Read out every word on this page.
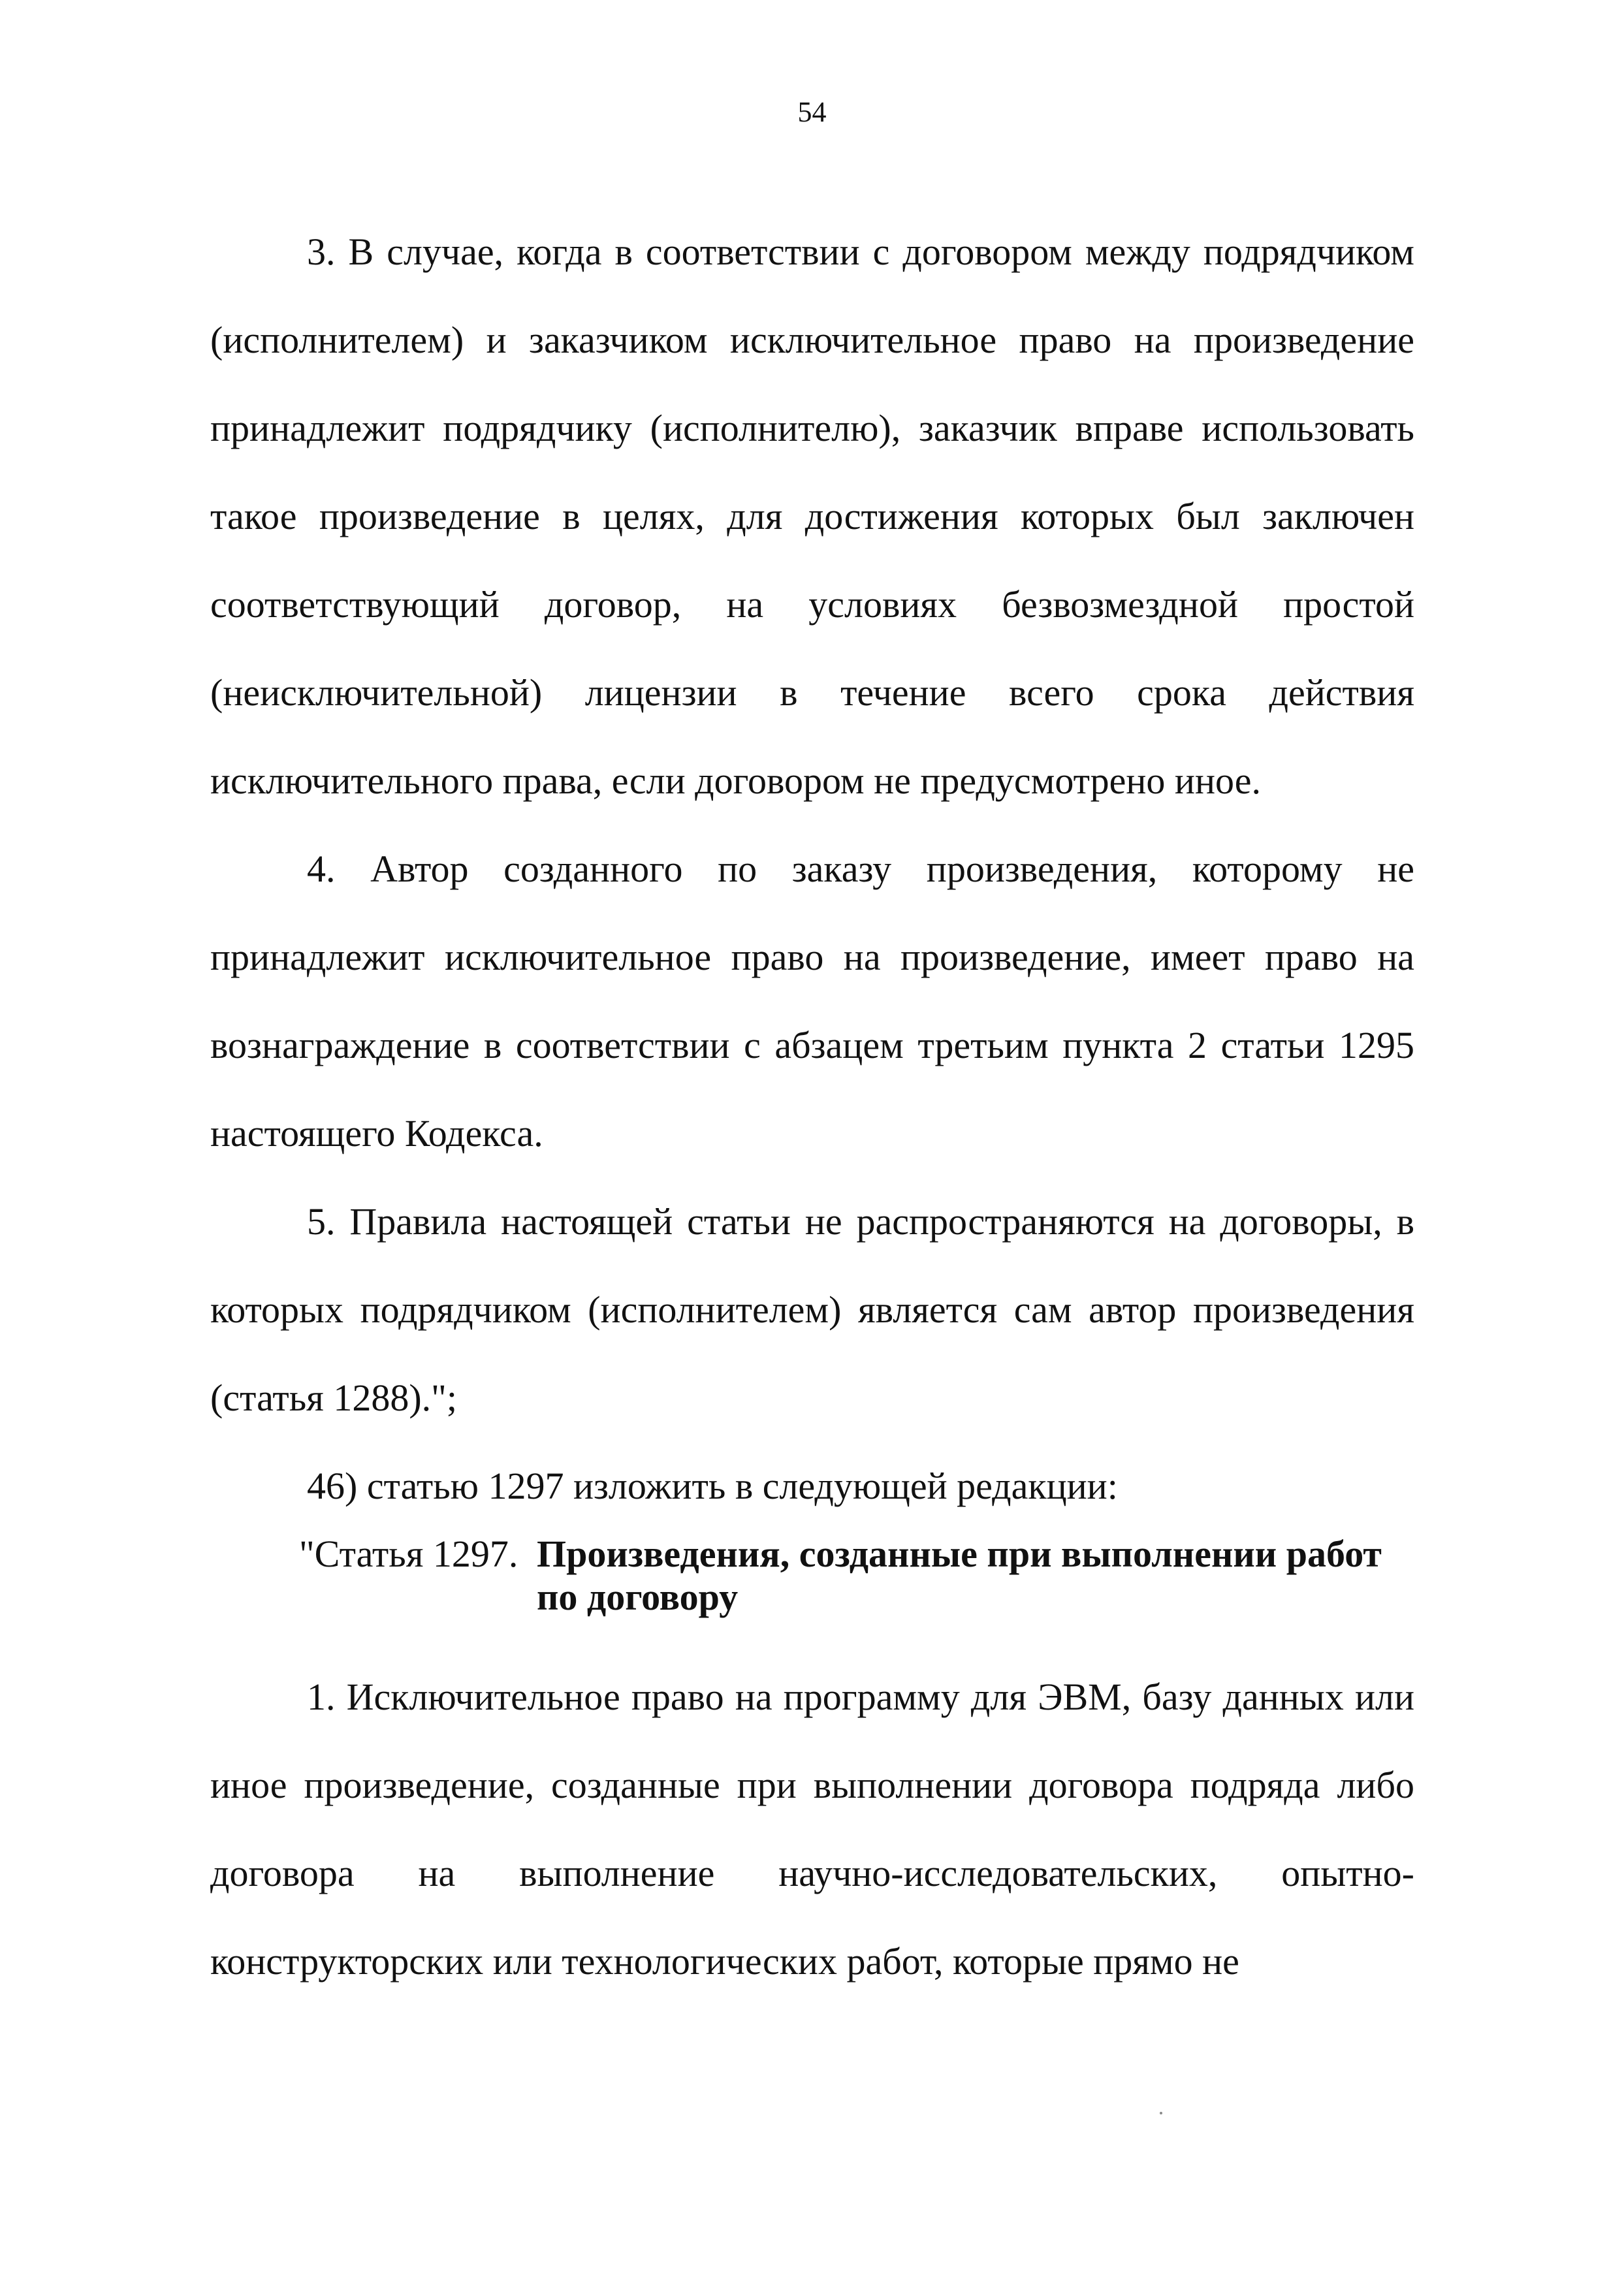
54

3. В случае, когда в соответствии с договором между подрядчиком (исполнителем) и заказчиком исключительное право на произведение принадлежит подрядчику (исполнителю), заказчик вправе использовать такое произведение в целях, для достижения которых был заключен соответствующий договор, на условиях безвозмездной простой (неисключительной) лицензии в течение всего срока действия исключительного права, если договором не предусмотрено иное.

4. Автор созданного по заказу произведения, которому не принадлежит исключительное право на произведение, имеет право на вознаграждение в соответствии с абзацем третьим пункта 2 статьи 1295 настоящего Кодекса.

5. Правила настоящей статьи не распространяются на договоры, в которых подрядчиком (исполнителем) является сам автор произведения (статья 1288).";

46) статью 1297 изложить в следующей редакции:

"Статья 1297. Произведения, созданные при выполнении работ
по договору

1. Исключительное право на программу для ЭВМ, базу данных или иное произведение, созданные при выполнении договора подряда либо договора на выполнение научно-исследовательских, опытно-конструкторских или технологических работ, которые прямо не
